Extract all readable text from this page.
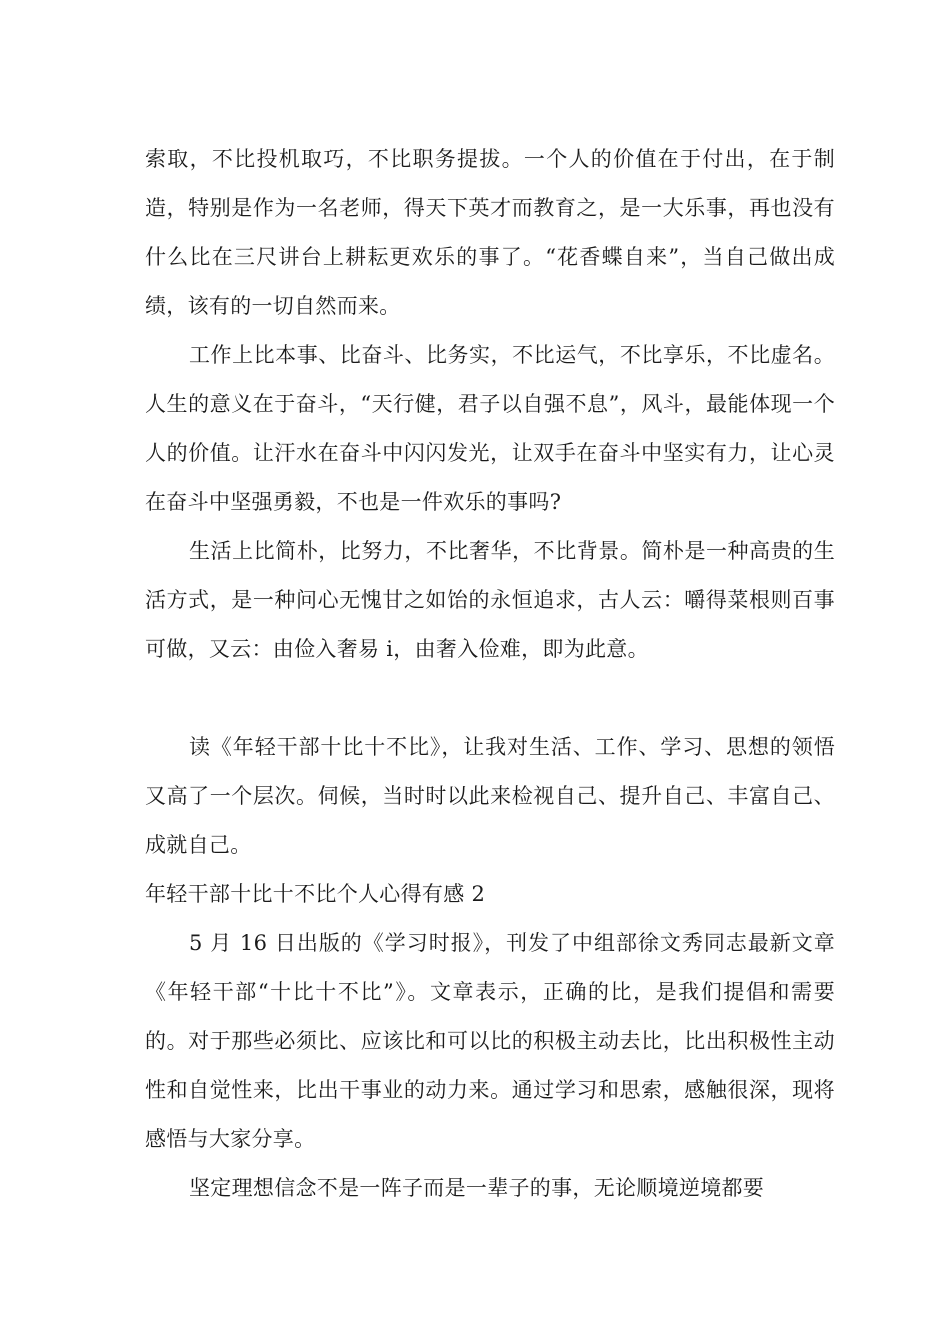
索取，不比投机取巧，不比职务提拔。一个人的价值在于付出，在于制造，特别是作为一名老师，得天下英才而教育之，是一大乐事，再也没有什么比在三尺讲台上耕耘更欢乐的事了。“花香蝶自来”，当自己做出成绩，该有的一切自然而来。

工作上比本事、比奋斗、比务实，不比运气，不比享乐，不比虚名。人生的意义在于奋斗，“天行健，君子以自强不息”，风斗，最能体现一个人的价值。让汗水在奋斗中闪闪发光，让双手在奋斗中坚实有力，让心灵在奋斗中坚强勇毅，不也是一件欢乐的事吗?

生活上比简朴，比努力，不比奢华，不比背景。简朴是一种高贵的生活方式，是一种问心无愧甘之如饴的永恒追求，古人云：嚼得菜根则百事可做，又云：由俭入奢易 i，由奢入俭难，即为此意。

读《年轻干部十比十不比》，让我对生活、工作、学习、思想的领悟又高了一个层次。伺候，当时时以此来检视自己、提升自己、丰富自己、成就自己。

年轻干部十比十不比个人心得有感 2

5 月 16 日出版的《学习时报》，刊发了中组部徐文秀同志最新文章《年轻干部“十比十不比”》。文章表示，正确的比，是我们提倡和需要的。对于那些必须比、应该比和可以比的积极主动去比，比出积极性主动性和自觉性来，比出干事业的动力来。通过学习和思索，感触很深，现将感悟与大家分享。

坚定理想信念不是一阵子而是一辈子的事，无论顺境逆境都要
